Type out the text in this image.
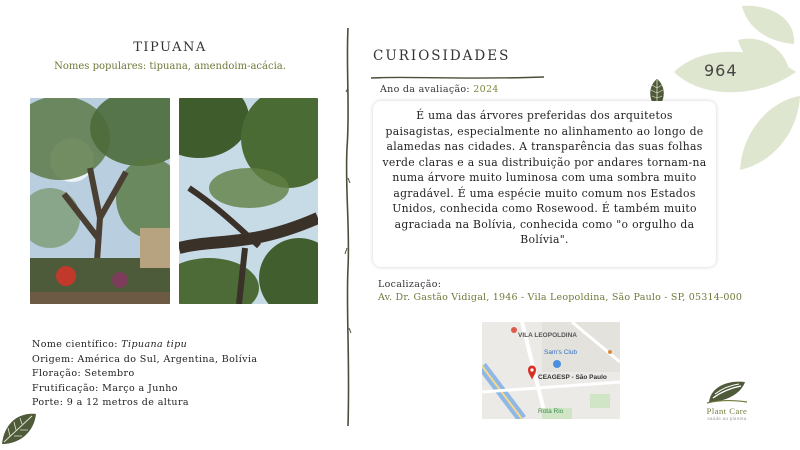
964
TIPUANA
Nomes populares: tipuana, amendoim-acácia.
Nome científico: Tipuana tipu
Origem: América do Sul, Argentina, Bolívia
Floração: Setembro
Frutificação: Março a Junho
Porte: 9 a 12 metros de altura
CURIOSIDADES
Ano da avaliação: 2024
É uma das árvores preferidas dos arquitetos paisagistas, especialmente no alinhamento ao longo de alamedas nas cidades. A transparência das suas folhas verde claras e a sua distribuição por andares tornam-na numa árvore muito luminosa com uma sombra muito agradável. É uma espécie muito comum nos Estados Unidos, conhecida como Rosewood. É também muito agraciada na Bolívia, conhecida como "o orgulho da Bolívia".
Localização:
Av. Dr. Gastão Vidigal, 1946 - Vila Leopoldina, São Paulo - SP, 05314-000
VILA LEOPOLDINA
Sam's Club
CEAGESP - São Paulo
Rota Rio	Plant Care
saúde ao planeta
